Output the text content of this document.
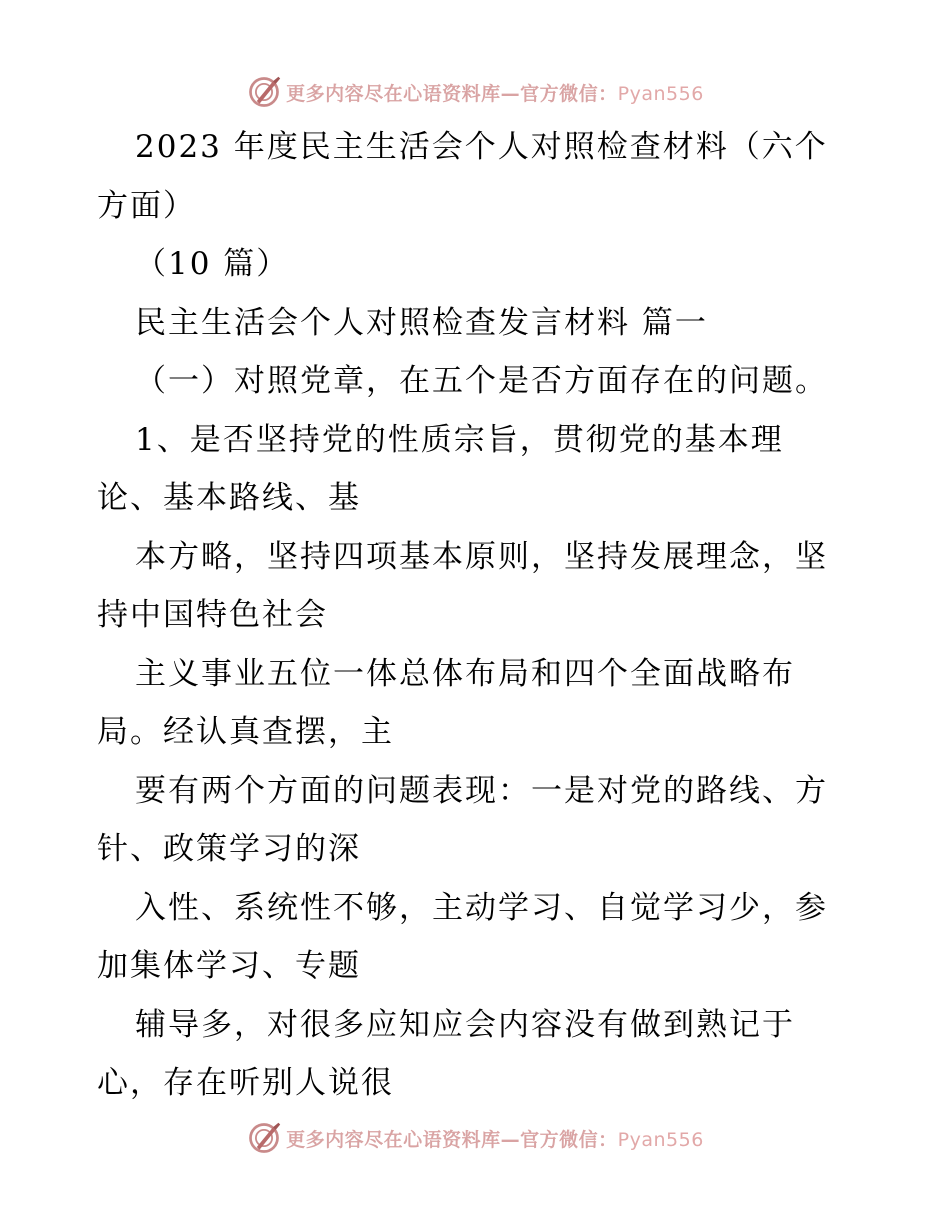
更多内容尽在心语资料库—官方微信：Pyan556
2023 年度民主生活会个人对照检查材料（六个
方面）
（10 篇）
民主生活会个人对照检查发言材料 篇一
（一）对照党章，在五个是否方面存在的问题。
1、是否坚持党的性质宗旨，贯彻党的基本理
论、基本路线、基
本方略，坚持四项基本原则，坚持发展理念，坚
持中国特色社会
主义事业五位一体总体布局和四个全面战略布
局。经认真查摆，主
要有两个方面的问题表现：一是对党的路线、方
针、政策学习的深
入性、系统性不够，主动学习、自觉学习少，参
加集体学习、专题
辅导多，对很多应知应会内容没有做到熟记于
心，存在听别人说很
更多内容尽在心语资料库—官方微信：Pyan556
